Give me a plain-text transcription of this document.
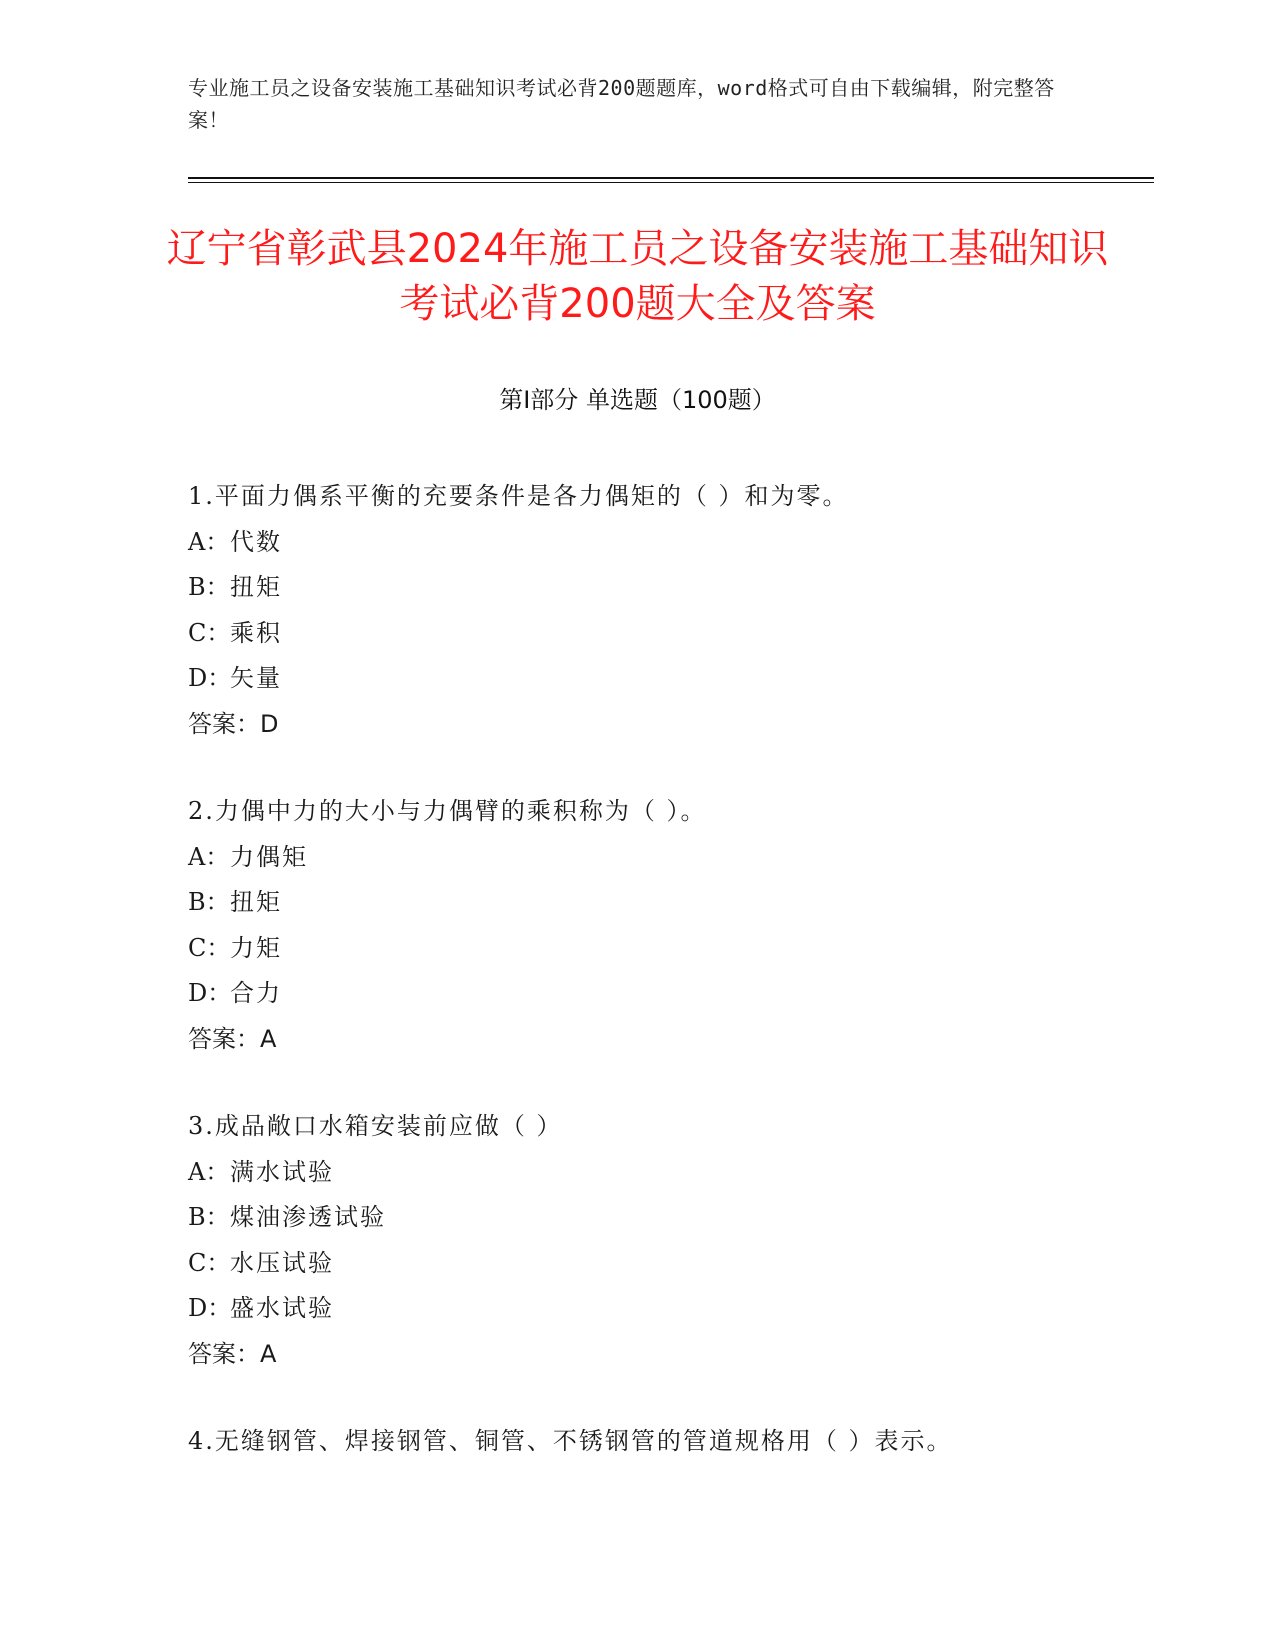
专业施工员之设备安装施工基础知识考试必背200题题库，word格式可自由下载编辑，附完整答案！
辽宁省彰武县2024年施工员之设备安装施工基础知识考试必背200题大全及答案
第Ⅰ部分 单选题（100题）
1.平面力偶系平衡的充要条件是各力偶矩的（ ）和为零。
A：代数
B：扭矩
C：乘积
D：矢量
答案：D
2.力偶中力的大小与力偶臂的乘积称为（ ）。
A：力偶矩
B：扭矩
C：力矩
D：合力
答案：A
3.成品敞口水箱安装前应做（ ）
A：满水试验
B：煤油渗透试验
C：水压试验
D：盛水试验
答案：A
4.无缝钢管、焊接钢管、铜管、不锈钢管的管道规格用（ ）表示。
